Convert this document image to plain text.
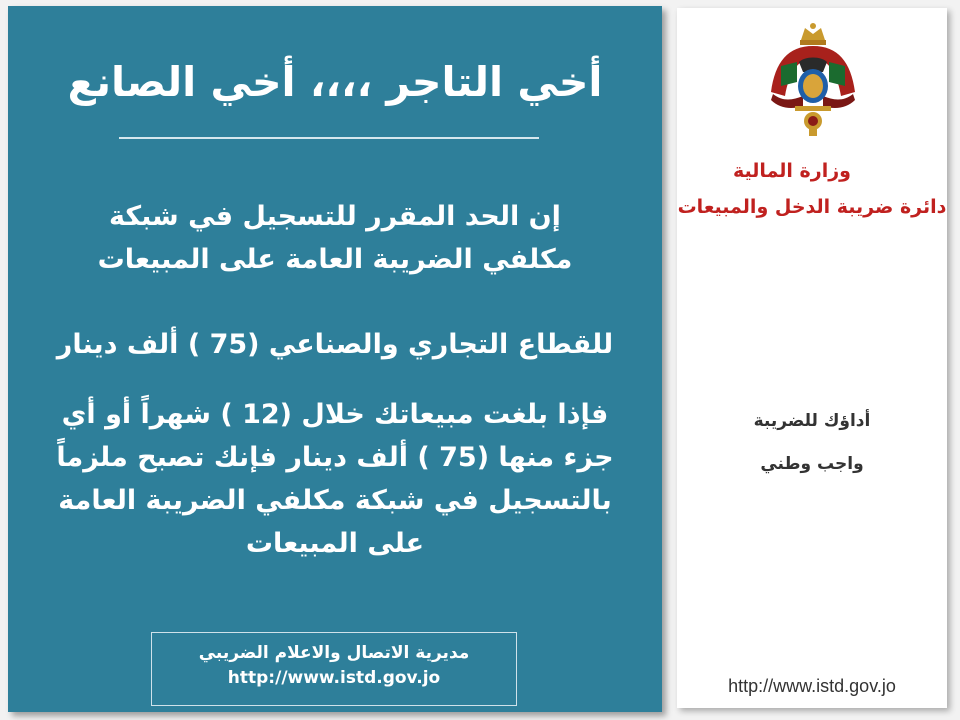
أخي التاجر ،،،، أخي الصانع
إن الحد المقرر للتسجيل في شبكة مكلفي الضريبة العامة على المبيعات
للقطاع التجاري والصناعي (75 ) ألف دينار
فإذا بلغت مبيعاتك خلال (12 ) شهراً أو أي جزء منها (75 ) ألف دينار فإنك تصبح ملزماً بالتسجيل في شبكة مكلفي الضريبة العامة على المبيعات
مديرية الاتصال والاعلام الضريبي
http://www.istd.gov.jo
وزارة المالية
دائرة ضريبة الدخل والمبيعات
أداؤك للضريبة
واجب وطني
http://www.istd.gov.jo
